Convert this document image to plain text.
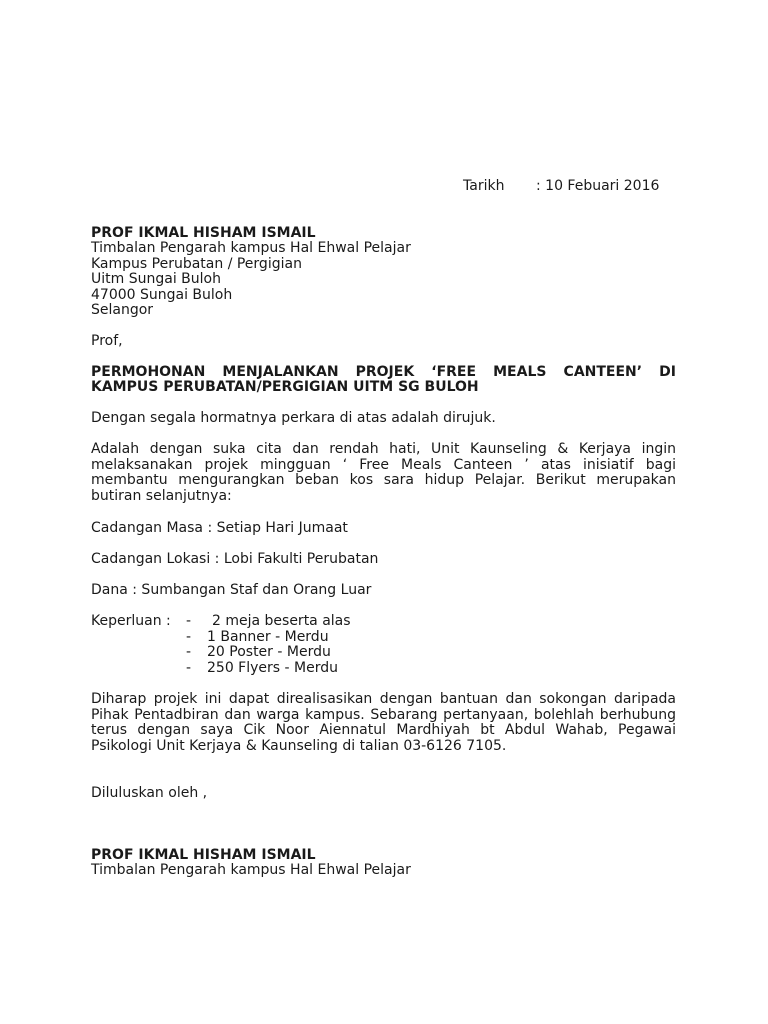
Tarikh : 10 Febuari 2016
PROF IKMAL HISHAM ISMAIL
Timbalan Pengarah kampus Hal Ehwal Pelajar
Kampus Perubatan / Pergigian
Uitm Sungai Buloh
47000 Sungai Buloh
Selangor
Prof,
PERMOHONAN MENJALANKAN PROJEK ‘FREE MEALS CANTEEN’ DI
KAMPUS PERUBATAN/PERGIGIAN UITM SG BULOH
Dengan segala hormatnya perkara di atas adalah dirujuk.
Adalah dengan suka cita dan rendah hati, Unit Kaunseling & Kerjaya ingin
melaksanakan projek mingguan ‘ Free Meals Canteen ’ atas inisiatif bagi
membantu mengurangkan beban kos sara hidup Pelajar. Berikut merupakan
butiran selanjutnya:
Cadangan Masa : Setiap Hari Jumaat
Cadangan Lokasi : Lobi Fakulti Perubatan
Dana : Sumbangan Staf dan Orang Luar
Keperluan : - 2 meja beserta alas
- 1 Banner - Merdu
- 20 Poster - Merdu
- 250 Flyers - Merdu
Diharap projek ini dapat direalisasikan dengan bantuan dan sokongan daripada
Pihak Pentadbiran dan warga kampus. Sebarang pertanyaan, bolehlah berhubung
terus dengan saya Cik Noor Aiennatul Mardhiyah bt Abdul Wahab, Pegawai
Psikologi Unit Kerjaya & Kaunseling di talian 03-6126 7105.
Diluluskan oleh ,
PROF IKMAL HISHAM ISMAIL
Timbalan Pengarah kampus Hal Ehwal Pelajar
